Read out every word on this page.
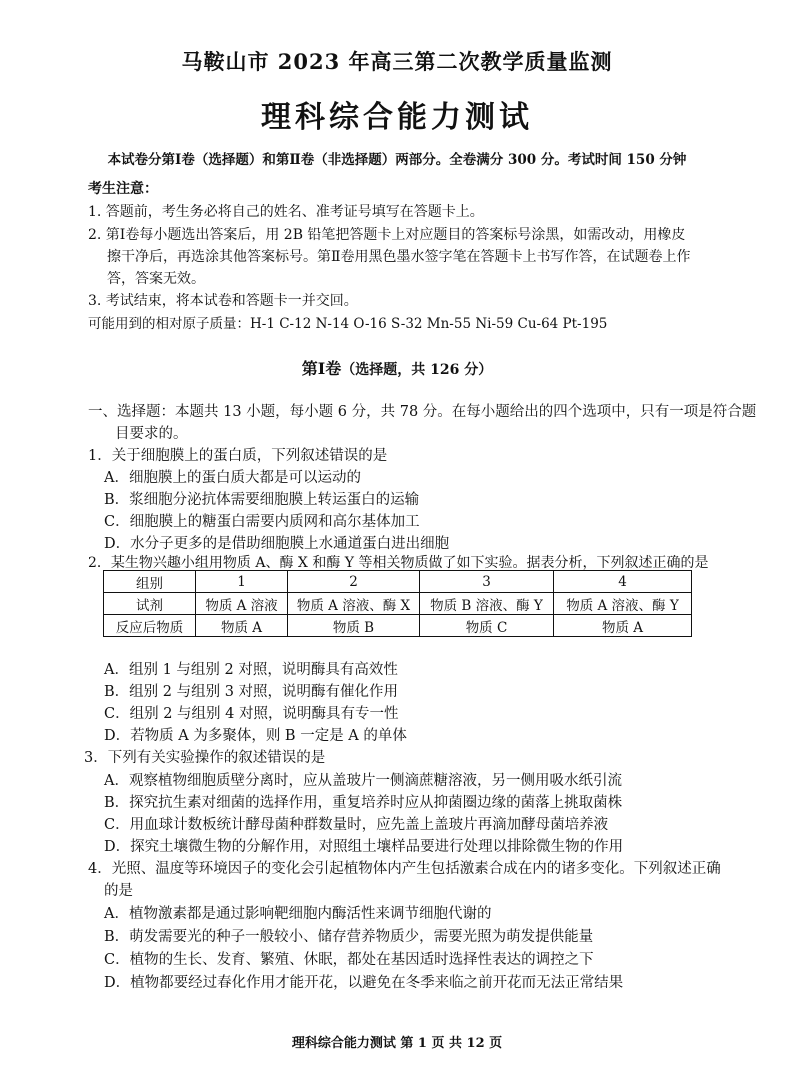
马鞍山市 2023 年高三第二次教学质量监测
理科综合能力测试
本试卷分第Ⅰ卷（选择题）和第Ⅱ卷（非选择题）两部分。全卷满分 300 分。考试时间 150 分钟
考生注意：
1. 答题前，考生务必将自己的姓名、准考证号填写在答题卡上。
2. 第Ⅰ卷每小题选出答案后，用 2B 铅笔把答题卡上对应题目的答案标号涂黑，如需改动，用橡皮
擦干净后，再选涂其他答案标号。第Ⅱ卷用黑色墨水签字笔在答题卡上书写作答，在试题卷上作
答，答案无效。
3. 考试结束，将本试卷和答题卡一并交回。
可能用到的相对原子质量：H-1 C-12 N-14 O-16 S-32 Mn-55 Ni-59 Cu-64 Pt-195
第Ⅰ卷（选择题，共 126 分）
一、选择题：本题共 13 小题，每小题 6 分，共 78 分。在每小题给出的四个选项中，只有一项是符合题
目要求的。
1．关于细胞膜上的蛋白质，下列叙述错误的是
A．细胞膜上的蛋白质大都是可以运动的
B．浆细胞分泌抗体需要细胞膜上转运蛋白的运输
C．细胞膜上的糖蛋白需要内质网和高尔基体加工
D．水分子更多的是借助细胞膜上水通道蛋白进出细胞
2．某生物兴趣小组用物质 A、酶 X 和酶 Y 等相关物质做了如下实验。据表分析，下列叙述正确的是
组别	1	2	3	4
试剂	物质 A 溶液	物质 A 溶液、酶 X	物质 B 溶液、酶 Y	物质 A 溶液、酶 Y
反应后物质	物质 A	物质 B	物质 C	物质 A
A．组别 1 与组别 2 对照，说明酶具有高效性
B．组别 2 与组别 3 对照，说明酶有催化作用
C．组别 2 与组别 4 对照，说明酶具有专一性
D．若物质 A 为多聚体，则 B 一定是 A 的单体
3．下列有关实验操作的叙述错误的是
A．观察植物细胞质壁分离时，应从盖玻片一侧滴蔗糖溶液，另一侧用吸水纸引流
B．探究抗生素对细菌的选择作用，重复培养时应从抑菌圈边缘的菌落上挑取菌株
C．用血球计数板统计酵母菌种群数量时，应先盖上盖玻片再滴加酵母菌培养液
D．探究土壤微生物的分解作用，对照组土壤样品要进行处理以排除微生物的作用
4．光照、温度等环境因子的变化会引起植物体内产生包括激素合成在内的诸多变化。下列叙述正确
的是
A．植物激素都是通过影响靶细胞内酶活性来调节细胞代谢的
B．萌发需要光的种子一般较小、储存营养物质少，需要光照为萌发提供能量
C．植物的生长、发育、繁殖、休眠，都处在基因适时选择性表达的调控之下
D．植物都要经过春化作用才能开花，以避免在冬季来临之前开花而无法正常结果
理科综合能力测试 第 1 页 共 12 页
